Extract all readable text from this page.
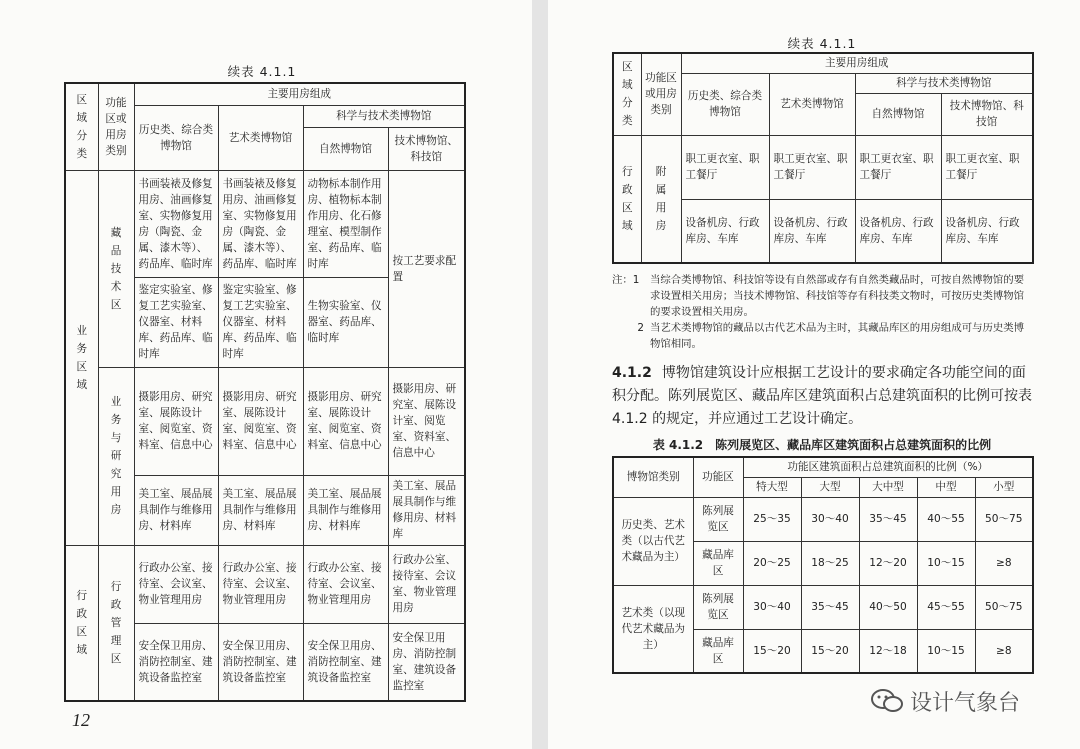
续表 4.1.1
区域分类	功能区或用房类别	主要用房组成			
		历史类、综合类博物馆	艺术类博物馆	科学与技术类博物馆	
				自然博物馆	技术博物馆、科技馆

业务区域	藏品技术区	书画装裱及修复用房、油画修复室、实物修复用房（陶瓷、金属、漆木等）、药品库、临时库	书画装裱及修复用房、油画修复室、实物修复用房（陶瓷、金属、漆木等）、药品库、临时库	动物标本制作用房、植物标本制作用房、化石修理室、模型制作室、药品库、临时库	按工艺要求配置
		鉴定实验室、修复工艺实验室、仪器室、材料库、药品库、临时库	鉴定实验室、修复工艺实验室、仪器室、材料库、药品库、临时库	生物实验室、仪器室、药品库、临时库	

	业务与研究用房	摄影用房、研究室、展陈设计室、阅览室、资料室、信息中心	摄影用房、研究室、展陈设计室、阅览室、资料室、信息中心	摄影用房、研究室、展陈设计室、阅览室、资料室、信息中心	摄影用房、研究室、展陈设计室、阅览室、资料室、信息中心
		美工室、展品展具制作与维修用房、材料库	美工室、展品展具制作与维修用房、材料库	美工室、展品展具制作与维修用房、材料库	美工室、展品展具制作与维修用房、材料库

行政区域	行政管理区	行政办公室、接待室、会议室、物业管理用房	行政办公室、接待室、会议室、物业管理用房	行政办公室、接待室、会议室、物业管理用房	行政办公室、接待室、会议室、物业管理用房
		安全保卫用房、消防控制室、建筑设备监控室	安全保卫用房、消防控制室、建筑设备监控室	安全保卫用房、消防控制室、建筑设备监控室	安全保卫用房、消防控制室、建筑设备监控室
12
续表 4.1.1
区域分类	功能区或用房类别	主要用房组成			
		历史类、综合类博物馆	艺术类博物馆	科学与技术类博物馆	
				自然博物馆	技术博物馆、科技馆

行政区域	附属用房	职工更衣室、职工餐厅	职工更衣室、职工餐厅	职工更衣室、职工餐厅	职工更衣室、职工餐厅
		设备机房、行政库房、车库	设备机房、行政库房、车库	设备机房、行政库房、车库	设备机房、行政库房、车库
注：1	当综合类博物馆、科技馆等设有自然部或存有自然类藏品时，可按自然博物馆的要求设置相关用房；当技术博物馆、科技馆等存有科技类文物时，可按历史类博物馆的要求设置相关用房。
2 当艺术类博物馆的藏品以古代艺术品为主时，其藏品库区的用房组成可与历史类博物馆相同。
4.1.2 博物馆建筑设计应根据工艺设计的要求确定各功能空间的面积分配。陈列展览区、藏品库区建筑面积占总建筑面积的比例可按表 4.1.2 的规定，并应通过工艺设计确定。
表 4.1.2　陈列展览区、藏品库区建筑面积占总建筑面积的比例
博物馆类别	功能区	功能区建筑面积占总建筑面积的比例（%）				
		特大型	大型	大中型	中型	小型
历史类、艺术类（以古代艺术藏品为主）	陈列展览区	25～35	30～40	35～45	40～55	50～75
	藏品库区	20～25	18～25	12～20	10～15	≥8
艺术类（以现代艺术藏品为主）	陈列展览区	30～40	35～45	40～50	45～55	50～75
	藏品库区	15～20	15～20	12～18	10～15	≥8
设计气象台
